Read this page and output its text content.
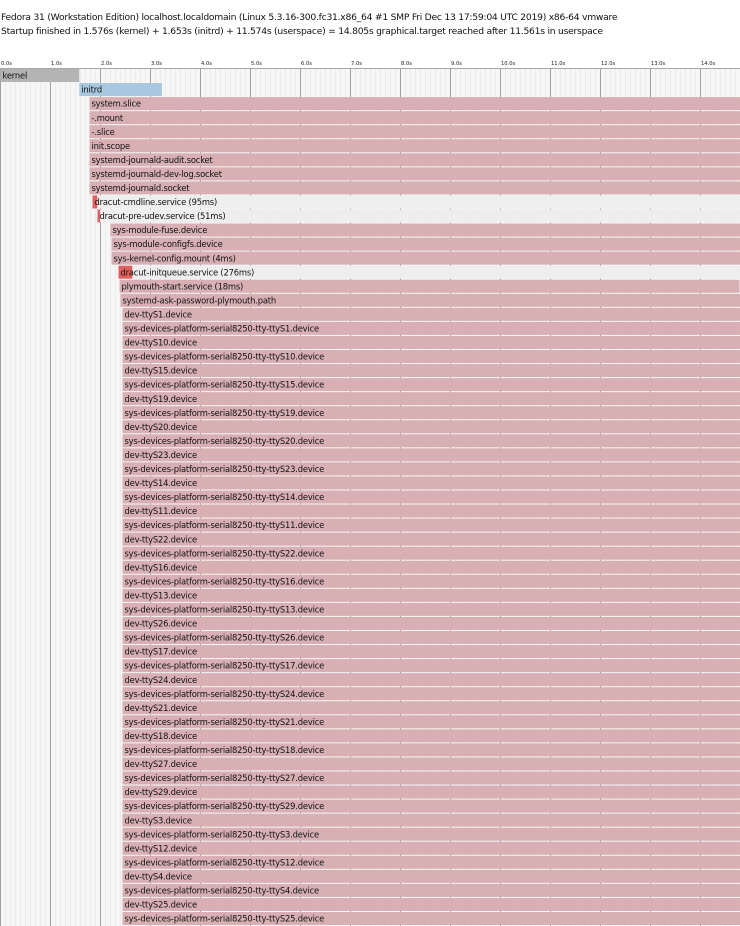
Fedora 31 (Workstation Edition) localhost.localdomain (Linux 5.3.16-300.fc31.x86_64 #1 SMP Fri Dec 13 17:59:04 UTC 2019) x86-64 vmware
Startup finished in 1.576s (kernel) + 1.653s (initrd) + 11.574s (userspace) = 14.805s graphical.target reached after 11.561s in userspace
0.0s	1.0s	2.0s	3.0s	4.0s	5.0s	6.0s	7.0s	8.0s	9.0s	10.0s	11.0s	12.0s	13.0s	14.0s
kernel
initrd
system.slice
-.mount
-.slice
init.scope
systemd-journald-audit.socket
systemd-journald-dev-log.socket
systemd-journald.socket
dracut-cmdline.service (95ms)
dracut-pre-udev.service (51ms)
sys-module-fuse.device
sys-module-configfs.device
sys-kernel-config.mount (4ms)
dracut-initqueue.service (276ms)
plymouth-start.service (18ms)
systemd-ask-password-plymouth.path
dev-ttyS1.device
sys-devices-platform-serial8250-tty-ttyS1.device
dev-ttyS10.device
sys-devices-platform-serial8250-tty-ttyS10.device
dev-ttyS15.device
sys-devices-platform-serial8250-tty-ttyS15.device
dev-ttyS19.device
sys-devices-platform-serial8250-tty-ttyS19.device
dev-ttyS20.device
sys-devices-platform-serial8250-tty-ttyS20.device
dev-ttyS23.device
sys-devices-platform-serial8250-tty-ttyS23.device
dev-ttyS14.device
sys-devices-platform-serial8250-tty-ttyS14.device
dev-ttyS11.device
sys-devices-platform-serial8250-tty-ttyS11.device
dev-ttyS22.device
sys-devices-platform-serial8250-tty-ttyS22.device
dev-ttyS16.device
sys-devices-platform-serial8250-tty-ttyS16.device
dev-ttyS13.device
sys-devices-platform-serial8250-tty-ttyS13.device
dev-ttyS26.device
sys-devices-platform-serial8250-tty-ttyS26.device
dev-ttyS17.device
sys-devices-platform-serial8250-tty-ttyS17.device
dev-ttyS24.device
sys-devices-platform-serial8250-tty-ttyS24.device
dev-ttyS21.device
sys-devices-platform-serial8250-tty-ttyS21.device
dev-ttyS18.device
sys-devices-platform-serial8250-tty-ttyS18.device
dev-ttyS27.device
sys-devices-platform-serial8250-tty-ttyS27.device
dev-ttyS29.device
sys-devices-platform-serial8250-tty-ttyS29.device
dev-ttyS3.device
sys-devices-platform-serial8250-tty-ttyS3.device
dev-ttyS12.device
sys-devices-platform-serial8250-tty-ttyS12.device
dev-ttyS4.device
sys-devices-platform-serial8250-tty-ttyS4.device
dev-ttyS25.device
sys-devices-platform-serial8250-tty-ttyS25.device
